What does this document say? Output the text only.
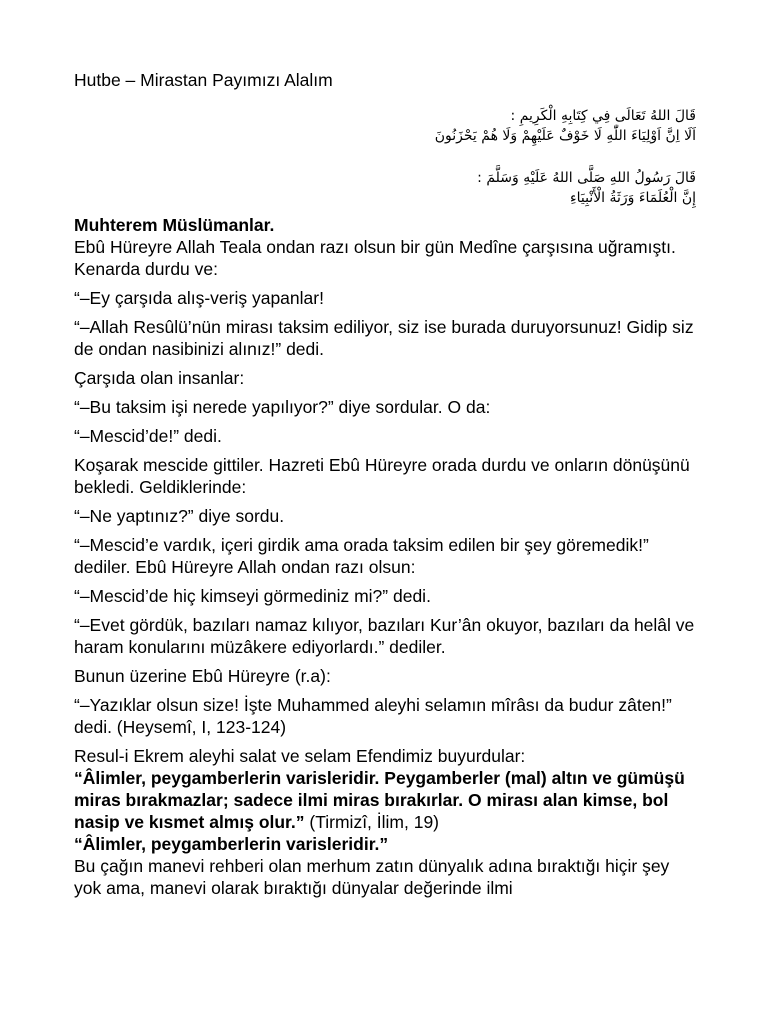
Hutbe – Mirastan Payımızı Alalım

قَالَ اللهُ تَعَالَى فِي كِتَابِهِ الْكَرِيمِ :

اَلَا اِنَّ اَوْلِيَاءَ اللّٰهِ لَا خَوْفٌ عَلَيْهِمْ وَلَا هُمْ يَحْزَنُونَ

قَالَ رَسُولُ اللهِ صَلَّى اللهُ عَلَيْهِ وَسَلَّمَ :

إِنَّ الْعُلَمَاءَ وَرَثَةُ الْأَنْبِيَاءِ

Muhterem Müslümanlar.

Ebû Hüreyre Allah Teala ondan razı olsun bir gün Medîne çarşısına uğramıştı. Kenarda durdu ve:

“–Ey çarşıda alış-veriş yapanlar!

“–Allah Resûlü’nün mirası taksim ediliyor, siz ise burada duruyorsunuz! Gidip siz de ondan nasibinizi alınız!” dedi.

Çarşıda olan insanlar:

“–Bu taksim işi nerede yapılıyor?” diye sordular. O da:

“–Mescid’de!” dedi.

Koşarak mescide gittiler. Hazreti Ebû Hüreyre orada durdu ve onların dönüşünü bekledi. Geldiklerinde:

“–Ne yaptınız?” diye sordu.

“–Mescid’e vardık, içeri girdik ama orada taksim edilen bir şey göremedik!” dediler. Ebû Hüreyre Allah ondan razı olsun:

“–Mescid’de hiç kimseyi görmediniz mi?” dedi.

“–Evet gördük, bazıları namaz kılıyor, bazıları Kur’ân okuyor, bazıları da helâl ve haram konularını müzâkere ediyorlardı.” dediler.

Bunun üzerine Ebû Hüreyre (r.a):

“–Yazıklar olsun size! İşte Muhammed aleyhi selamın mîrâsı da budur zâten!” dedi. (Heysemî, I, 123-124)

Resul-i Ekrem aleyhi salat ve selam Efendimiz buyurdular:

“Âlimler, peygamberlerin varisleridir. Peygamberler (mal) altın ve gümüşü miras bırakmazlar; sadece ilmi miras bırakırlar. O mirası alan kimse, bol nasip ve kısmet almış olur.” (Tirmizî, İlim, 19)

“Âlimler, peygamberlerin varisleridir.”

Bu çağın manevi rehberi olan merhum zatın dünyalık adına bıraktığı hiçir şey yok ama, manevi olarak bıraktığı dünyalar değerinde ilmi
